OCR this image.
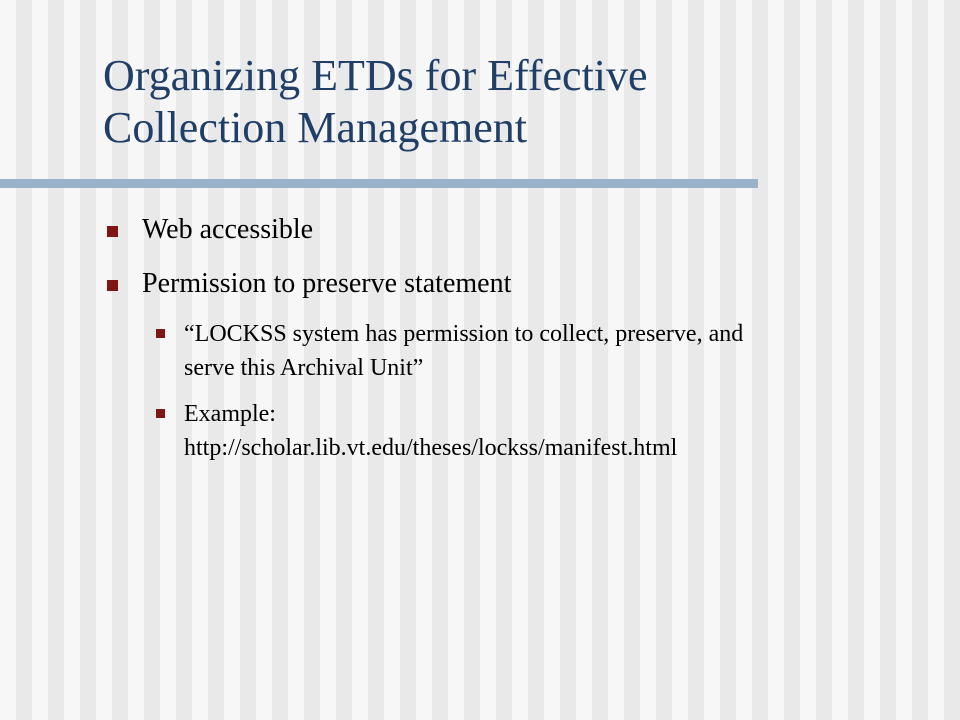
Organizing ETDs for Effective
Collection Management
Web accessible
Permission to preserve statement
“LOCKSS system has permission to collect, preserve, and
serve this Archival Unit”
Example:
http://scholar.lib.vt.edu/theses/lockss/manifest.html
